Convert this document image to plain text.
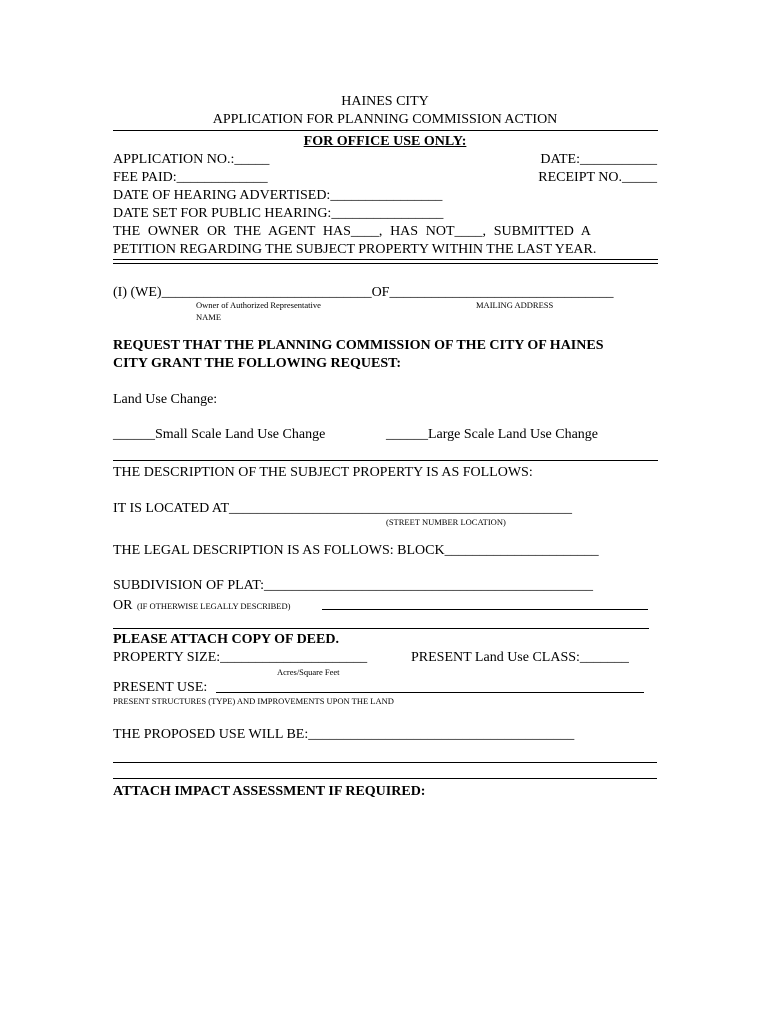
HAINES CITY
APPLICATION FOR PLANNING COMMISSION ACTION
FOR OFFICE USE ONLY:
APPLICATION NO.:_____	DATE:___________
FEE PAID:_____________	RECEIPT NO._____
DATE OF HEARING ADVERTISED:________________
DATE SET FOR PUBLIC HEARING:________________
THE OWNER OR THE AGENT HAS____, HAS NOT____, SUBMITTED A
PETITION REGARDING THE SUBJECT PROPERTY WITHIN THE LAST YEAR.
(I) (WE)______________________________OF________________________________
Owner of Authorized Representative	MAILING ADDRESS
NAME
REQUEST THAT THE PLANNING COMMISSION OF THE CITY OF HAINES
CITY GRANT THE FOLLOWING REQUEST:
Land Use Change:
______Small Scale Land Use Change	______Large Scale Land Use Change
THE DESCRIPTION OF THE SUBJECT PROPERTY IS AS FOLLOWS:
IT IS LOCATED AT_________________________________________________
(STREET NUMBER LOCATION)
THE LEGAL DESCRIPTION IS AS FOLLOWS: BLOCK______________________
SUBDIVISION OF PLAT:_______________________________________________
OR (IF OTHERWISE LEGALLY DESCRIBED)
PLEASE ATTACH COPY OF DEED.
PROPERTY SIZE:_____________________	PRESENT Land Use CLASS:_______
Acres/Square Feet
PRESENT USE:
PRESENT STRUCTURES (TYPE) AND IMPROVEMENTS UPON THE LAND
THE PROPOSED USE WILL BE:______________________________________
ATTACH IMPACT ASSESSMENT IF REQUIRED:
